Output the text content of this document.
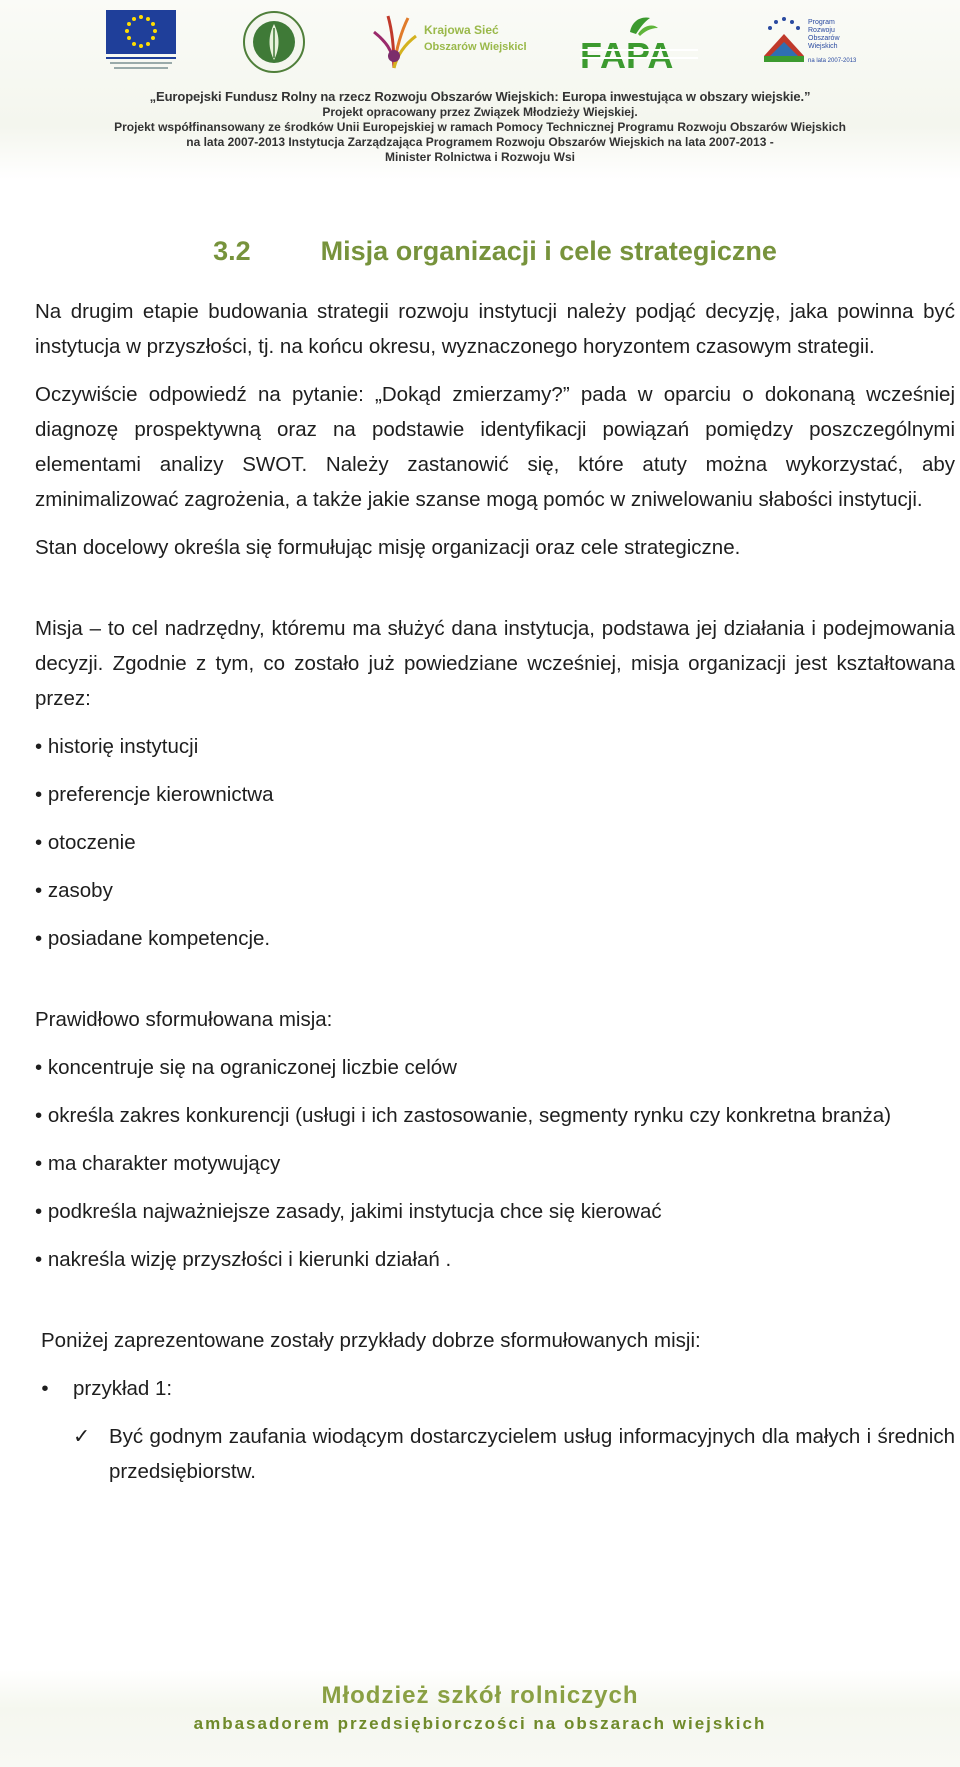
Krajowa Sieć
Obszarów Wiejskich FAPA
Program
Rozwoju
Obszarów
Wiejskich
na lata 2007-2013
„Europejski Fundusz Rolny na rzecz Rozwoju Obszarów Wiejskich: Europa inwestująca w obszary wiejskie.”
Projekt opracowany przez Związek Młodzieży Wiejskiej.
Projekt współfinansowany ze środków Unii Europejskiej w ramach Pomocy Technicznej Programu Rozwoju Obszarów Wiejskich
na lata 2007-2013 Instytucja Zarządzająca Programem Rozwoju Obszarów Wiejskich na lata 2007-2013 -
Minister Rolnictwa i Rozwoju Wsi
3.2	Misja organizacji i cele strategiczne

Na drugim etapie budowania strategii rozwoju instytucji należy podjąć decyzję, jaka powinna być instytucja w przyszłości, tj. na końcu okresu, wyznaczonego horyzontem czasowym strategii.

Oczywiście odpowiedź na pytanie: „Dokąd zmierzamy?” pada w oparciu o dokonaną wcześniej diagnozę prospektywną oraz na podstawie identyfikacji powiązań pomiędzy poszczególnymi elementami analizy SWOT. Należy zastanowić się, które atuty można wykorzystać, aby zminimalizować zagrożenia, a także jakie szanse mogą pomóc w zniwelowaniu słabości instytucji.

Stan docelowy określa się formułując misję organizacji oraz cele strategiczne.

Misja – to cel nadrzędny, któremu ma służyć dana instytucja, podstawa jej działania i podejmowania decyzji. Zgodnie z tym, co zostało już powiedziane wcześniej, misja organizacji jest kształtowana przez:

• historię instytucji

• preferencje kierownictwa

• otoczenie

• zasoby

• posiadane kompetencje.

Prawidłowo sformułowana misja:

• koncentruje się na ograniczonej liczbie celów

• określa zakres konkurencji (usługi i ich zastosowanie, segmenty rynku czy konkretna branża)

• ma charakter motywujący

• podkreśla najważniejsze zasady, jakimi instytucja chce się kierować

• nakreśla wizję przyszłości i kierunki działań .

Poniżej zaprezentowane zostały przykłady dobrze sformułowanych misji:

•	przykład 1:
✓ Być godnym zaufania wiodącym dostarczycielem usług informacyjnych dla małych i średnich przedsiębiorstw.
Młodzież szkół rolniczych
ambasadorem przedsiębiorczości na obszarach wiejskich
